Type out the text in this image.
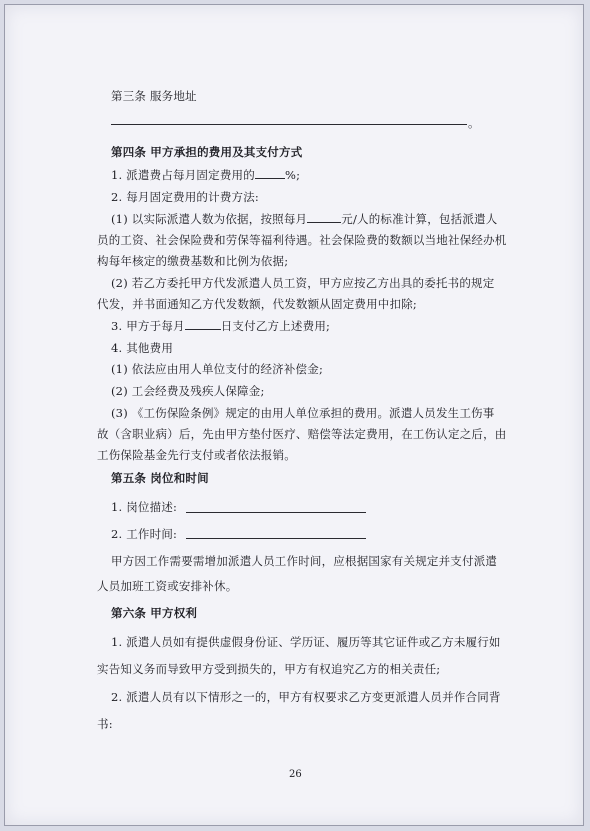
第三条 服务地址
。
第四条 甲方承担的费用及其支付方式
1. 派遣费占每月固定费用的	%;
2. 每月固定费用的计费方法:
(1) 以实际派遣人数为依据，按照每月	元/人的标准计算，包括派遣人
员的工资、社会保险费和劳保等福利待遇。社会保险费的数额以当地社保经办机
构每年核定的缴费基数和比例为依据;
(2) 若乙方委托甲方代发派遣人员工资，甲方应按乙方出具的委托书的规定
代发，并书面通知乙方代发数额，代发数额从固定费用中扣除;
3. 甲方于每月	日支付乙方上述费用;
4. 其他费用
(1) 依法应由用人单位支付的经济补偿金;
(2) 工会经费及残疾人保障金;
(3) 《工伤保险条例》规定的由用人单位承担的费用。派遣人员发生工伤事
故（含职业病）后，先由甲方垫付医疗、赔偿等法定费用，在工伤认定之后，由
工伤保险基金先行支付或者依法报销。
第五条 岗位和时间
1. 岗位描述:
2. 工作时间:
甲方因工作需要需增加派遣人员工作时间，应根据国家有关规定并支付派遣
人员加班工资或安排补休。
第六条 甲方权利
1. 派遣人员如有提供虚假身份证、学历证、履历等其它证件或乙方未履行如
实告知义务而导致甲方受到损失的，甲方有权追究乙方的相关责任;
2. 派遣人员有以下情形之一的，甲方有权要求乙方变更派遣人员并作合同背
书:
26
